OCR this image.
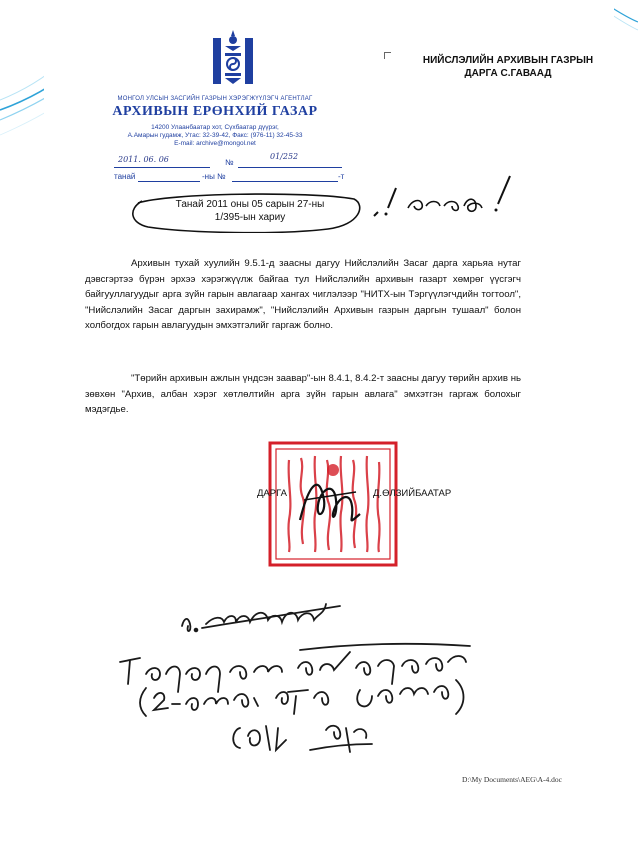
МОНГОЛ УЛСЫН ЗАСГИЙН ГАЗРЫН ХЭРЭГЖҮҮЛЭГЧ АГЕНТЛАГ
АРХИВЫН ЕРӨНХИЙ ГАЗАР
14200 Улаанбаатар хот, Сүхбаатар дүүрэг,
А.Амарын гудамж, Утас: 32-39-42, Факс: (976-11) 32-45-33
E-mail: archive@mongol.net
2011. 06. 06	№
01/252
танай	-ны №	-т
НИЙСЛЭЛИЙН АРХИВЫН ГАЗРЫН
ДАРГА С.ГАВААД
Танай 2011 оны 05 сарын 27-ны
1/395-ын хариу
Архивын тухай хуулийн 9.5.1-д заасны дагуу Нийслэлийн Засаг дарга харьяа нутаг дэвсгэртээ бүрэн эрхээ хэрэгжүүлж байгаа тул Нийслэлийн архивын газарт хөмрөг үүсгэгч байгууллагуудыг арга зүйн гарын авлагаар хангах чиглэлээр "НИТХ-ын Тэргүүлэгчдийн тогтоол", "Нийслэлийн Засаг даргын захирамж", "Нийслэлийн Архивын газрын даргын тушаал" болон холбогдох гарын авлагуудын эмхэтгэлийг гаргаж болно.
"Төрийн архивын ажлын үндсэн заавар"-ын 8.4.1, 8.4.2-т заасны дагуу төрийн архив нь зөвхөн "Архив, албан хэрэг хөтлөлтийн арга зүйн гарын авлага" эмхэтгэн гаргаж болохыг мэдэгдье.
ДАРГА	Д.ӨЛЗИЙБААТАР
D:\My Documents\AEG\A-4.doc
